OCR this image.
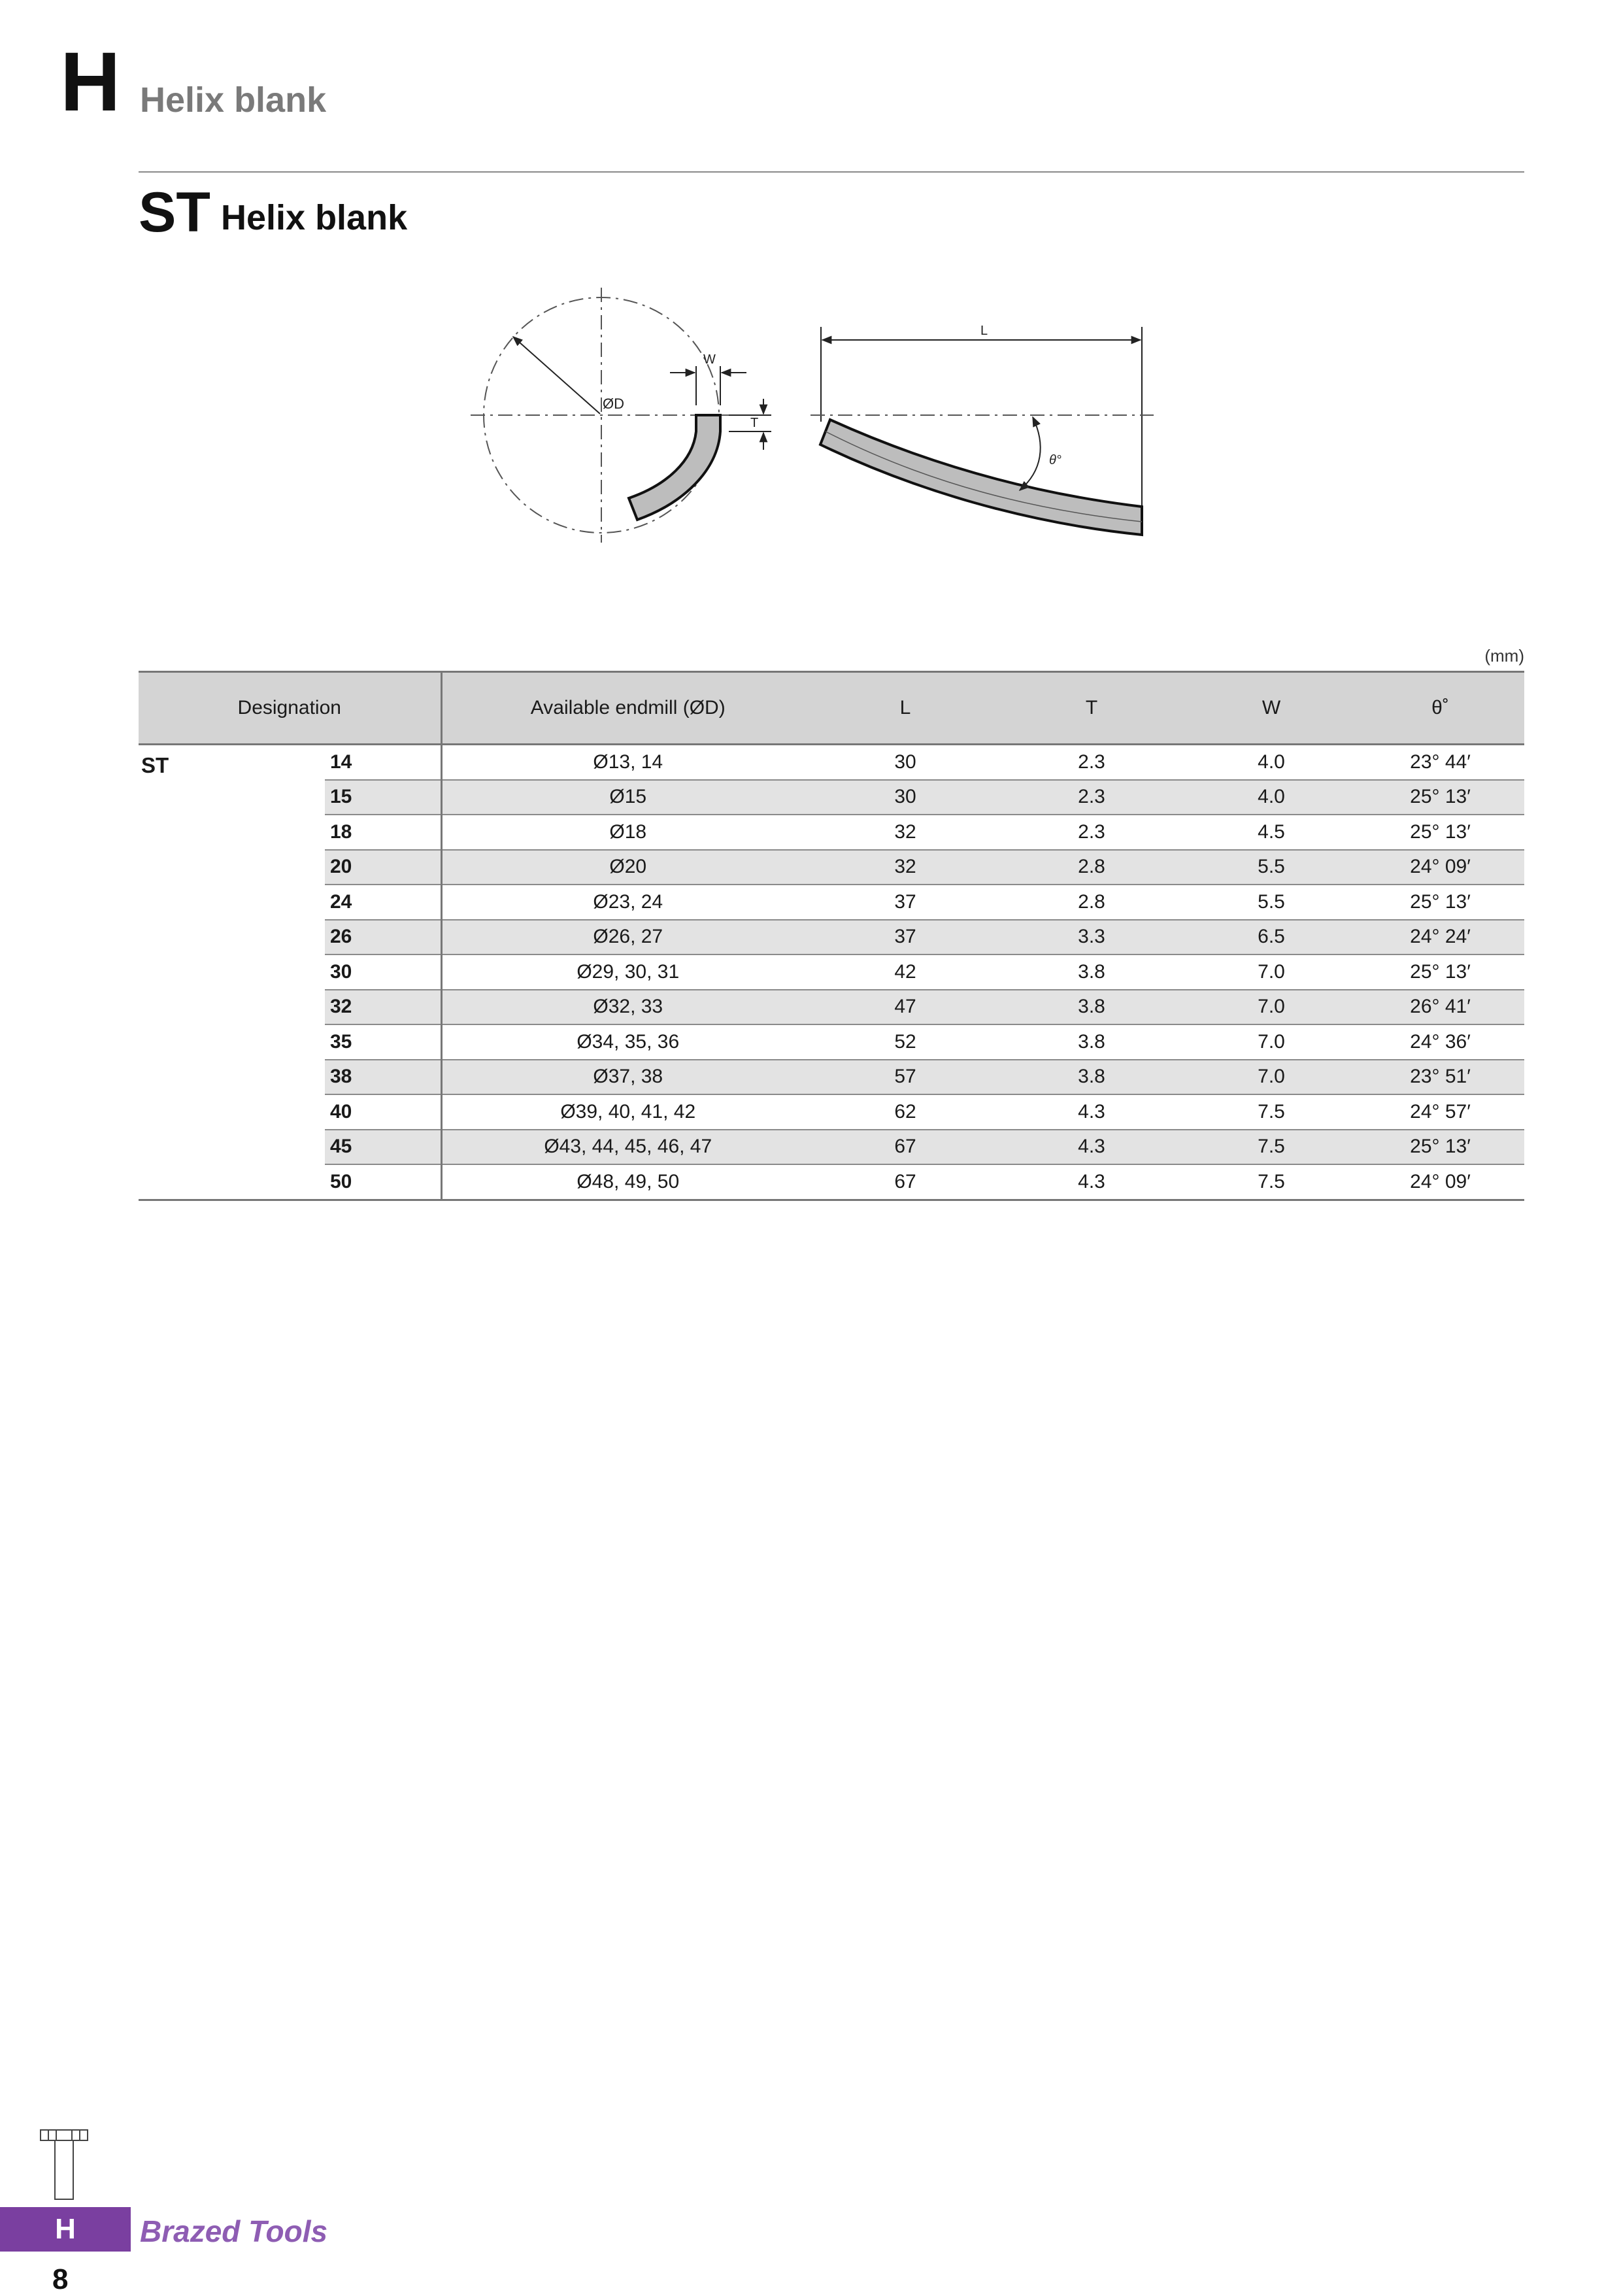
H Helix blank
ST Helix blank
ØD
W
T
L
θ°
(mm)
Designation		Available endmill (ØD)	L	T	W	θ˚
ST	14	Ø13, 14	30	2.3	4.0	23° 44′
	15	Ø15	30	2.3	4.0	25° 13′
	18	Ø18	32	2.3	4.5	25° 13′
	20	Ø20	32	2.8	5.5	24° 09′
	24	Ø23, 24	37	2.8	5.5	25° 13′
	26	Ø26, 27	37	3.3	6.5	24° 24′
	30	Ø29, 30, 31	42	3.8	7.0	25° 13′
	32	Ø32, 33	47	3.8	7.0	26° 41′
	35	Ø34, 35, 36	52	3.8	7.0	24° 36′
	38	Ø37, 38	57	3.8	7.0	23° 51′
	40	Ø39, 40, 41, 42	62	4.3	7.5	24° 57′
	45	Ø43, 44, 45, 46, 47	67	4.3	7.5	25° 13′
	50	Ø48, 49, 50	67	4.3	7.5	24° 09′
H	Brazed Tools
8
